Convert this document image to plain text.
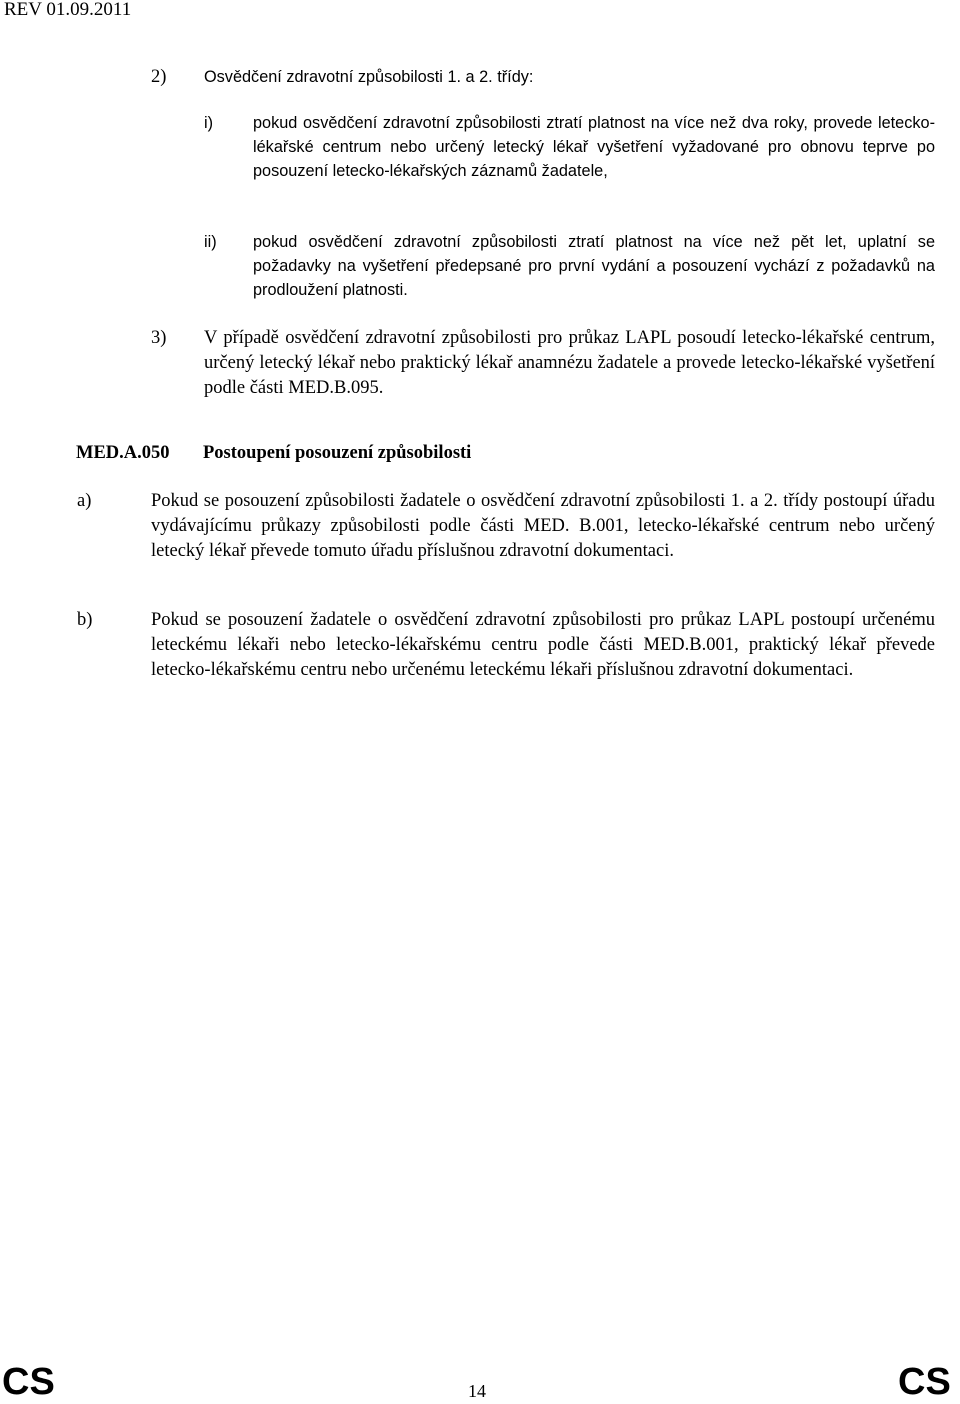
REV 01.09.2011
2) Osvědčení zdravotní způsobilosti 1. a 2. třídy:
i) pokud osvědčení zdravotní způsobilosti ztratí platnost na více než dva roky, provede letecko-lékařské centrum nebo určený letecký lékař vyšetření vyžadované pro obnovu teprve po posouzení letecko-lékařských záznamů žadatele,
ii) pokud osvědčení zdravotní způsobilosti ztratí platnost na více než pět let, uplatní se požadavky na vyšetření předepsané pro první vydání a posouzení vychází z požadavků na prodloužení platnosti.
3) V případě osvědčení zdravotní způsobilosti pro průkaz LAPL posoudí letecko-lékařské centrum, určený letecký lékař nebo praktický lékař anamnézu žadatele a provede letecko-lékařské vyšetření podle části MED.B.095.
MED.A.050 Postoupení posouzení způsobilosti
a)	Pokud se posouzení způsobilosti žadatele o osvědčení zdravotní způsobilosti 1. a 2. třídy postoupí úřadu vydávajícímu průkazy způsobilosti podle části MED. B.001, letecko-lékařské centrum nebo určený letecký lékař převede tomuto úřadu příslušnou zdravotní dokumentaci.
b)	Pokud se posouzení žadatele o osvědčení zdravotní způsobilosti pro průkaz LAPL postoupí určenému leteckému lékaři nebo letecko-lékařskému centru podle části MED.B.001, praktický lékař převede letecko-lékařskému centru nebo určenému leteckému lékaři příslušnou zdravotní dokumentaci.
CS	14	CS
